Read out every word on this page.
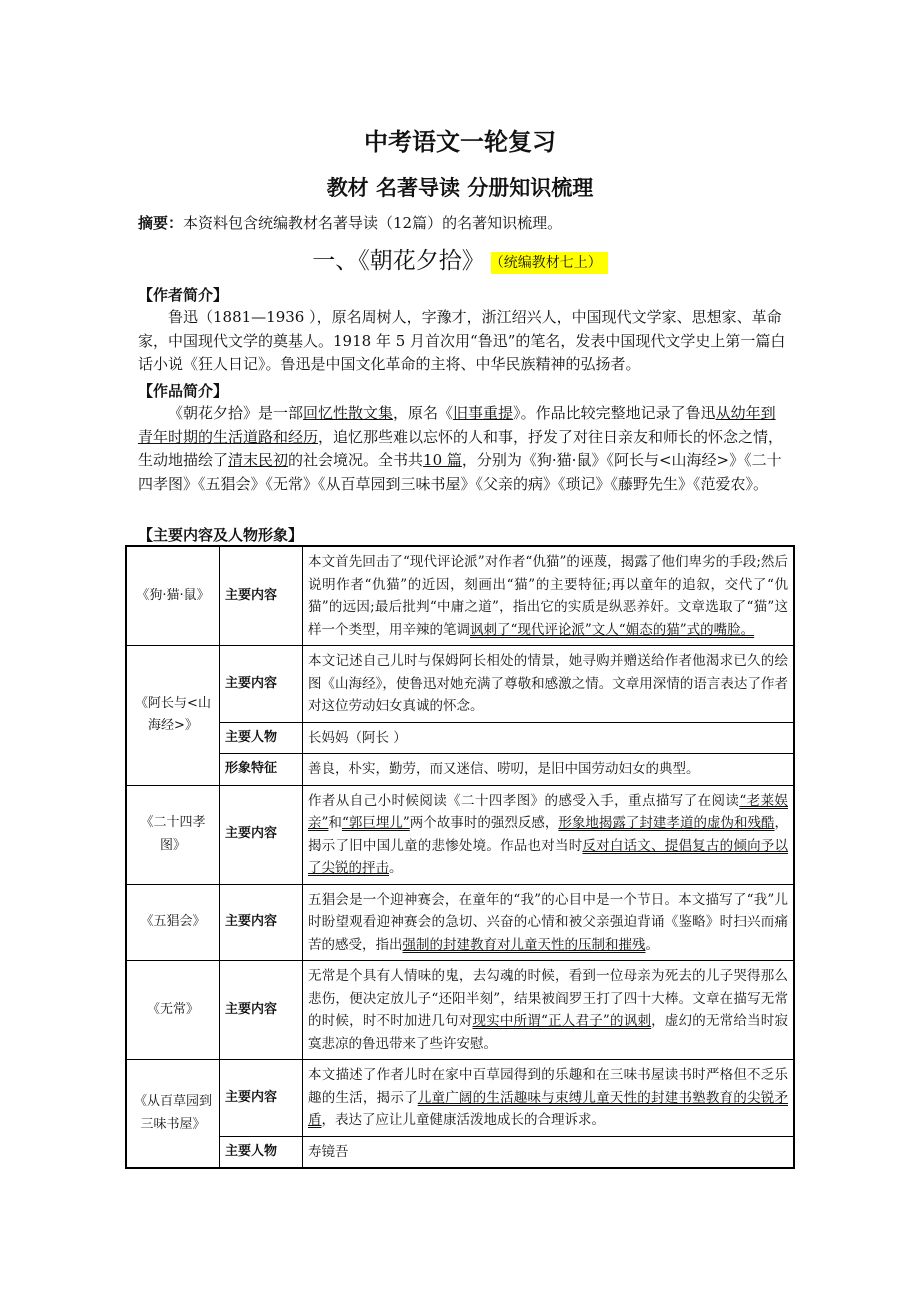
中考语文一轮复习
教材 名著导读 分册知识梳理
摘要：本资料包含统编教材名著导读（12篇）的名著知识梳理。
一、《朝花夕拾》 （统编教材七上）
【作者简介】
鲁迅（1881—1936 ），原名周树人，字豫才，浙江绍兴人，中国现代文学家、思想家、革命家，中国现代文学的奠基人。1918 年 5 月首次用“鲁迅”的笔名，发表中国现代文学史上第一篇白话小说《狂人日记》。鲁迅是中国文化革命的主将、中华民族精神的弘扬者。
【作品简介】
《朝花夕拾》是一部回忆性散文集，原名《旧事重提》。作品比较完整地记录了鲁迅从幼年到青年时期的生活道路和经历，追忆那些难以忘怀的人和事，抒发了对往日亲友和师长的怀念之情，生动地描绘了清末民初的社会境况。全书共10 篇，分别为《狗·猫·鼠》《阿长与<山海经>》《二十四孝图》《五猖会》《无常》《从百草园到三味书屋》《父亲的病》《琐记》《藤野先生》《范爱农》。
【主要内容及人物形象】
《狗·猫·鼠》	主要内容	本文首先回击了“现代评论派”对作者“仇猫”的诬蔑，揭露了他们卑劣的手段;然后说明作者“仇猫”的近因，刻画出“猫”的主要特征;再以童年的追叙，交代了“仇猫”的远因;最后批判“中庸之道”，指出它的实质是纵恶养奸。文章选取了“猫”这样一个类型，用辛辣的笔调讽刺了“现代评论派”文人“媚态的猫”式的嘴脸。
《阿长与<山海经>》	主要内容	本文记述自己儿时与保姆阿长相处的情景，她寻购并赠送给作者他渴求已久的绘图《山海经》，使鲁迅对她充满了尊敬和感激之情。文章用深情的语言表达了作者对这位劳动妇女真诚的怀念。
	主要人物	长妈妈（阿长 ）
	形象特征	善良，朴实，勤劳，而又迷信、唠叨，是旧中国劳动妇女的典型。
《二十四孝图》	主要内容	作者从自己小时候阅读《二十四孝图》的感受入手，重点描写了在阅读“老莱娱亲”和“郭巨埋儿”两个故事时的强烈反感，形象地揭露了封建孝道的虚伪和残酷，揭示了旧中国儿童的悲惨处境。作品也对当时反对白话文、提倡复古的倾向予以了尖锐的抨击。
《五猖会》	主要内容	五猖会是一个迎神赛会，在童年的“我”的心目中是一个节日。本文描写了“我”儿时盼望观看迎神赛会的急切、兴奋的心情和被父亲强迫背诵《鉴略》时扫兴而痛苦的感受，指出强制的封建教育对儿童天性的压制和摧残。
《无常》	主要内容	无常是个具有人情味的鬼，去勾魂的时候，看到一位母亲为死去的儿子哭得那么悲伤，便决定放儿子“还阳半刻”，结果被阎罗王打了四十大棒。文章在描写无常的时候，时不时加进几句对现实中所谓“正人君子”的讽刺，虚幻的无常给当时寂寞悲凉的鲁迅带来了些许安慰。
《从百草园到三味书屋》	主要内容	本文描述了作者儿时在家中百草园得到的乐趣和在三味书屋读书时严格但不乏乐趣的生活，揭示了儿童广阔的生活趣味与束缚儿童天性的封建书塾教育的尖锐矛盾，表达了应让儿童健康活泼地成长的合理诉求。
	主要人物	寿镜吾
